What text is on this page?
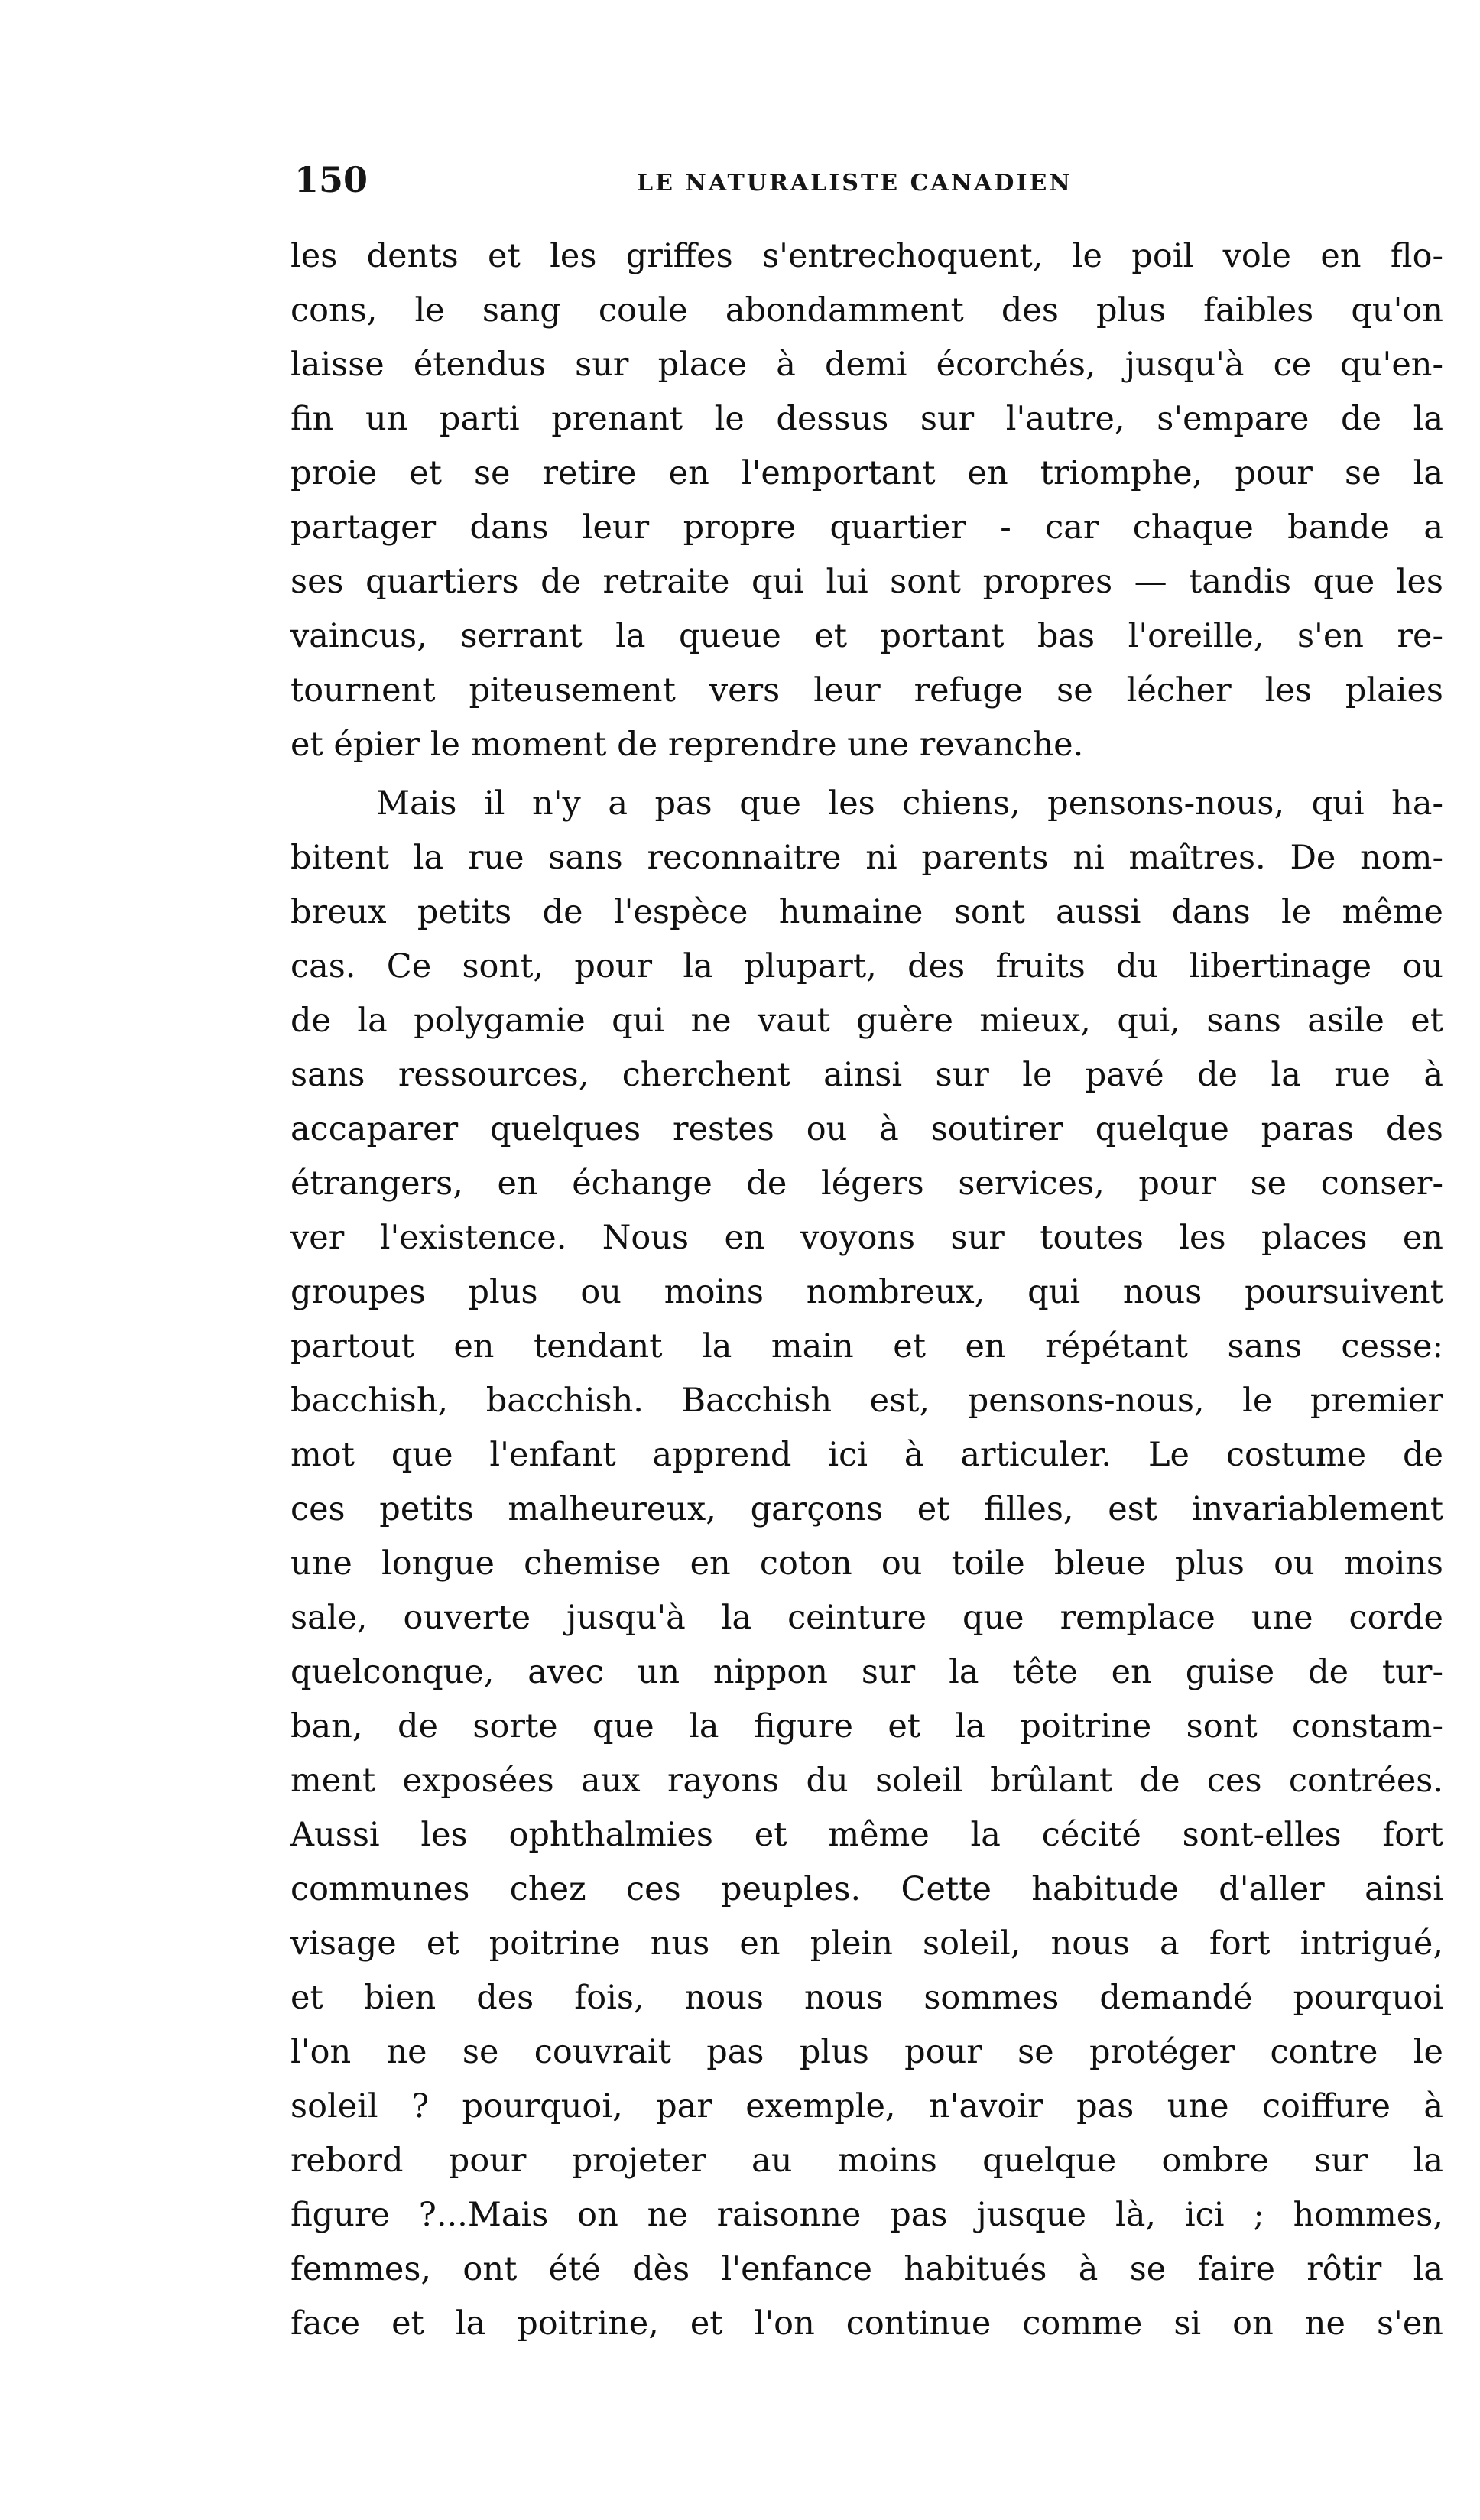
150	LE NATURALISTE CANADIEN
les dents et les griffes s'entrechoquent, le poil vole en flo-
cons, le sang coule abondamment des plus faibles qu'on
laisse étendus sur place à demi écorchés, jusqu'à ce qu'en-
fin un parti prenant le dessus sur l'autre, s'empare de la
proie et se retire en l'emportant en triomphe, pour se la
partager dans leur propre quartier - car chaque bande a
ses quartiers de retraite qui lui sont propres — tandis que les
vaincus, serrant la queue et portant bas l'oreille, s'en re-
tournent piteusement vers leur refuge se lécher les plaies
et épier le moment de reprendre une revanche.
Mais il n'y a pas que les chiens, pensons-nous, qui ha-
bitent la rue sans reconnaitre ni parents ni maîtres. De nom-
breux petits de l'espèce humaine sont aussi dans le même
cas. Ce sont, pour la plupart, des fruits du libertinage ou
de la polygamie qui ne vaut guère mieux, qui, sans asile et
sans ressources, cherchent ainsi sur le pavé de la rue à
accaparer quelques restes ou à soutirer quelque paras des
étrangers, en échange de légers services, pour se conser-
ver l'existence. Nous en voyons sur toutes les places en
groupes plus ou moins nombreux, qui nous poursuivent
partout en tendant la main et en répétant sans cesse:
bacchish, bacchish. Bacchish est, pensons-nous, le premier
mot que l'enfant apprend ici à articuler. Le costume de
ces petits malheureux, garçons et filles, est invariablement
une longue chemise en coton ou toile bleue plus ou moins
sale, ouverte jusqu'à la ceinture que remplace une corde
quelconque, avec un nippon sur la tête en guise de tur-
ban, de sorte que la figure et la poitrine sont constam-
ment exposées aux rayons du soleil brûlant de ces contrées.
Aussi les ophthalmies et même la cécité sont-elles fort
communes chez ces peuples. Cette habitude d'aller ainsi
visage et poitrine nus en plein soleil, nous a fort intrigué,
et bien des fois, nous nous sommes demandé pourquoi
l'on ne se couvrait pas plus pour se protéger contre le
soleil ? pourquoi, par exemple, n'avoir pas une coiffure à
rebord pour projeter au moins quelque ombre sur la
figure ?...Mais on ne raisonne pas jusque là, ici ; hommes,
femmes, ont été dès l'enfance habitués à se faire rôtir la
face et la poitrine, et l'on continue comme si on ne s'en
